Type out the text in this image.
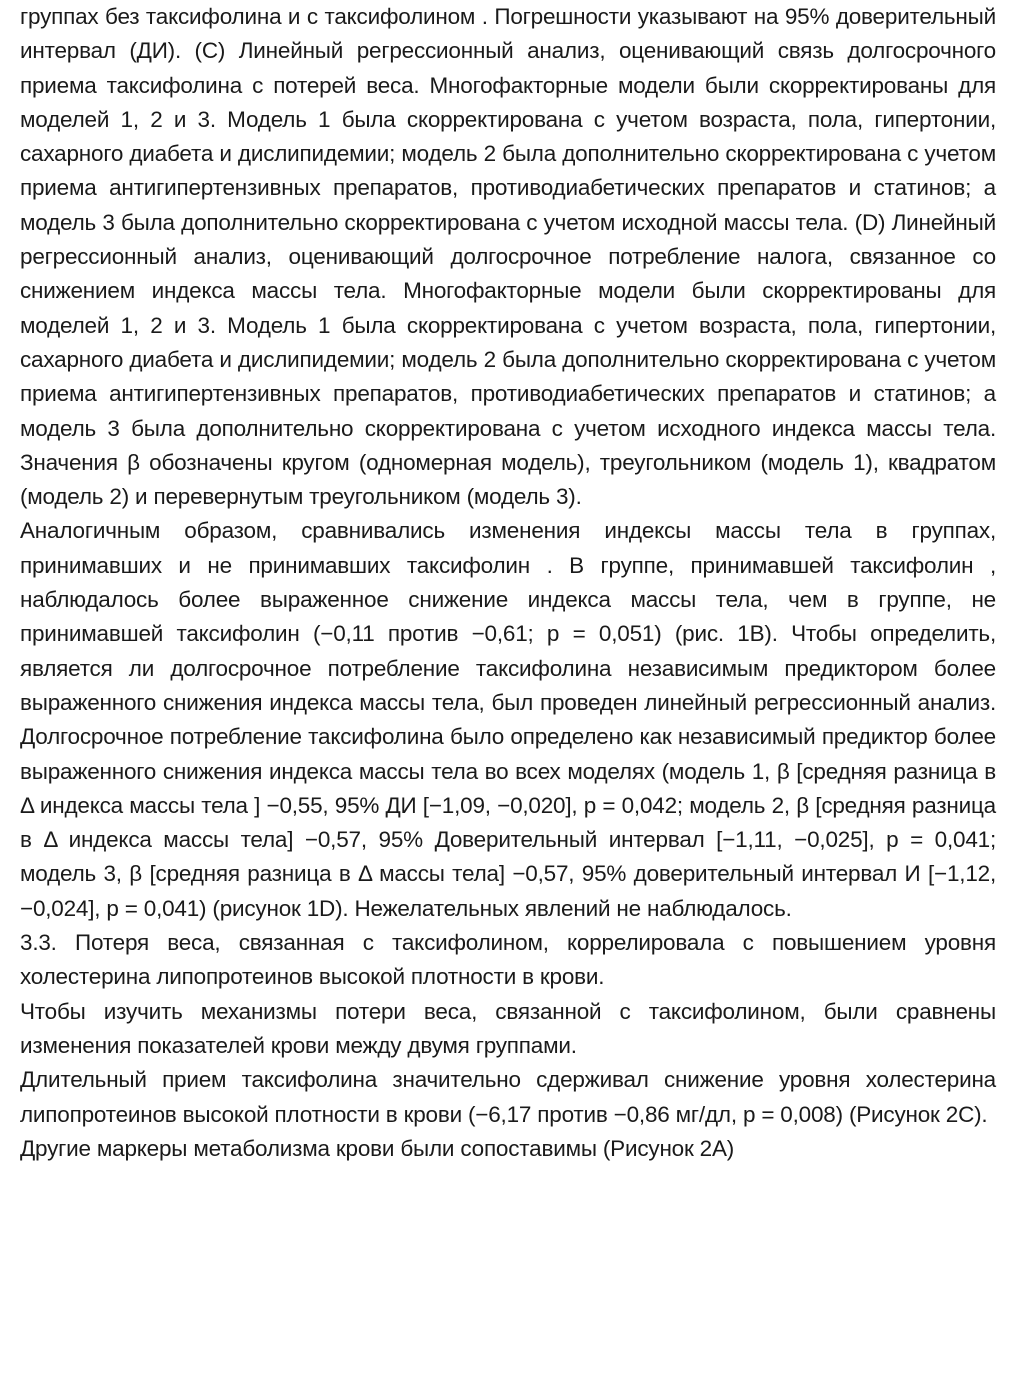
группах без таксифолина и с таксифолином . Погрешности указывают на 95% доверительный интервал (ДИ). (C) Линейный регрессионный анализ, оценивающий связь долгосрочного приема таксифолина с потерей веса. Многофакторные модели были скорректированы для моделей 1, 2 и 3. Модель 1 была скорректирована с учетом возраста, пола, гипертонии, сахарного диабета и дислипидемии; модель 2 была дополнительно скорректирована с учетом приема антигипертензивных препаратов, противодиабетических препаратов и статинов; а модель 3 была дополнительно скорректирована с учетом исходной массы тела. (D) Линейный регрессионный анализ, оценивающий долгосрочное потребление налога, связанное со снижением индекса массы тела. Многофакторные модели были скорректированы для моделей 1, 2 и 3. Модель 1 была скорректирована с учетом возраста, пола, гипертонии, сахарного диабета и дислипидемии; модель 2 была дополнительно скорректирована с учетом приема антигипертензивных препаратов, противодиабетических препаратов и статинов; а модель 3 была дополнительно скорректирована с учетом исходного индекса массы тела. Значения β обозначены кругом (одномерная модель), треугольником (модель 1), квадратом (модель 2) и перевернутым треугольником (модель 3).

Аналогичным образом, сравнивались изменения индексы массы тела в группах, принимавших и не принимавших таксифолин . В группе, принимавшей таксифолин , наблюдалось более выраженное снижение индекса массы тела, чем в группе, не принимавшей таксифолин (−0,11 против −0,61; p = 0,051) (рис. 1B). Чтобы определить, является ли долгосрочное потребление таксифолина независимым предиктором более выраженного снижения индекса массы тела, был проведен линейный регрессионный анализ. Долгосрочное потребление таксифолина было определено как независимый предиктор более выраженного снижения индекса массы тела во всех моделях (модель 1, β [средняя разница в Δ индекса массы тела ] −0,55, 95% ДИ [−1,09, −0,020], p = 0,042; модель 2, β [средняя разница в Δ индекса массы тела] −0,57, 95% Доверительный интервал [−1,11, −0,025], p = 0,041; модель 3, β [средняя разница в Δ массы тела] −0,57, 95% доверительный интервал И [−1,12, −0,024], p = 0,041) (рисунок 1D). Нежелательных явлений не наблюдалось.

3.3. Потеря веса, связанная с таксифолином, коррелировала с повышением уровня холестерина липопротеинов высокой плотности в крови.

Чтобы изучить механизмы потери веса, связанной с таксифолином, были сравнены изменения показателей крови между двумя группами.

Длительный прием таксифолина значительно сдерживал снижение уровня холестерина липопротеинов высокой плотности в крови (−6,17 против −0,86 мг/дл, p = 0,008) (Рисунок 2C).

Другие маркеры метаболизма крови были сопоставимы (Рисунок 2A)
